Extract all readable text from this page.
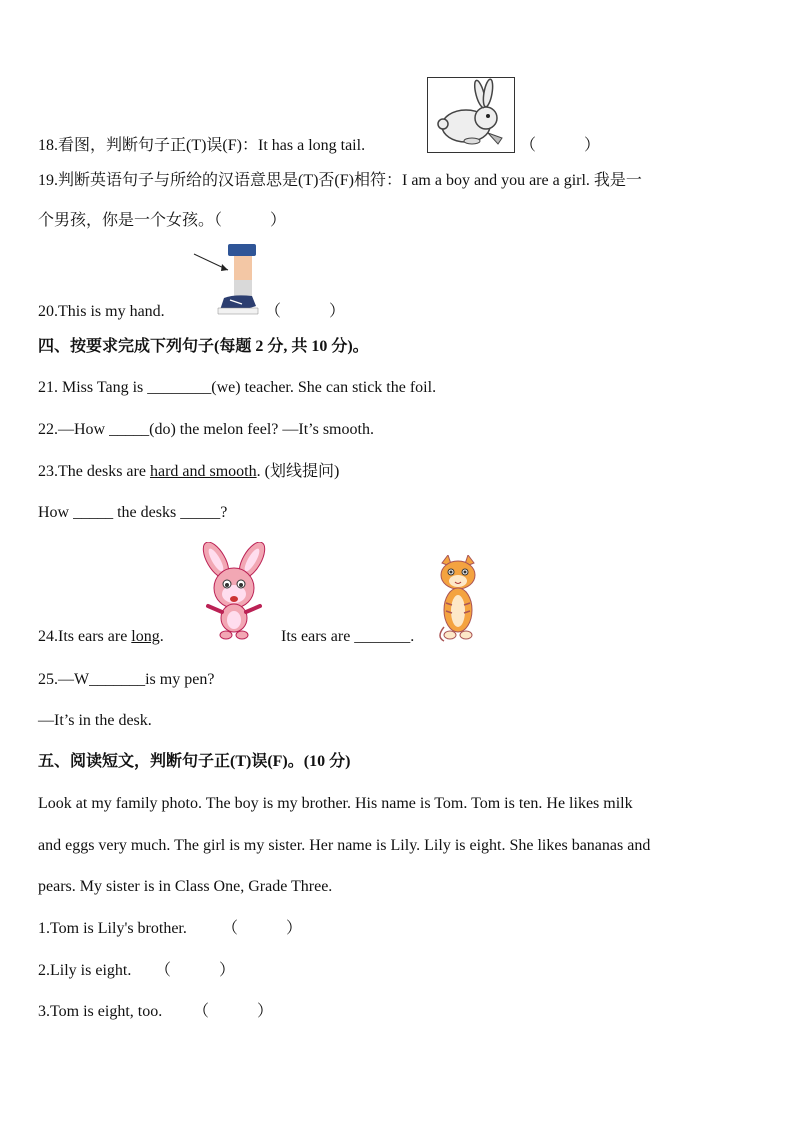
18.看图，判断句子正(T)误(F)：It has a long tail.	（　　　）
19.判断英语句子与所给的汉语意思是(T)否(F)相符：I am a boy and you are a girl. 我是一
个男孩，你是一个女孩。（　　　）
20.This is my hand.	（　　　）
四、按要求完成下列句子(每题 2 分, 共 10 分)。
21. Miss Tang is ________(we) teacher. She can stick the foil.
22.—How _____(do) the melon feel? —It’s smooth.
23.The desks are hard and smooth. (划线提问)
How _____ the desks _____?
24.Its ears are long.	Its ears are _______.
25.—W_______is my pen?
—It’s in the desk.
五、阅读短文，判断句子正(T)误(F)。(10 分)
Look at my family photo. The boy is my brother. His name is Tom. Tom is ten. He likes milk
and eggs very much. The girl is my sister. Her name is Lily. Lily is eight. She likes bananas and
pears. My sister is in Class One, Grade Three.
1.Tom is Lily's brother. （　　　）
2.Lily is eight. （　　　）
3.Tom is eight, too. （　　　）
